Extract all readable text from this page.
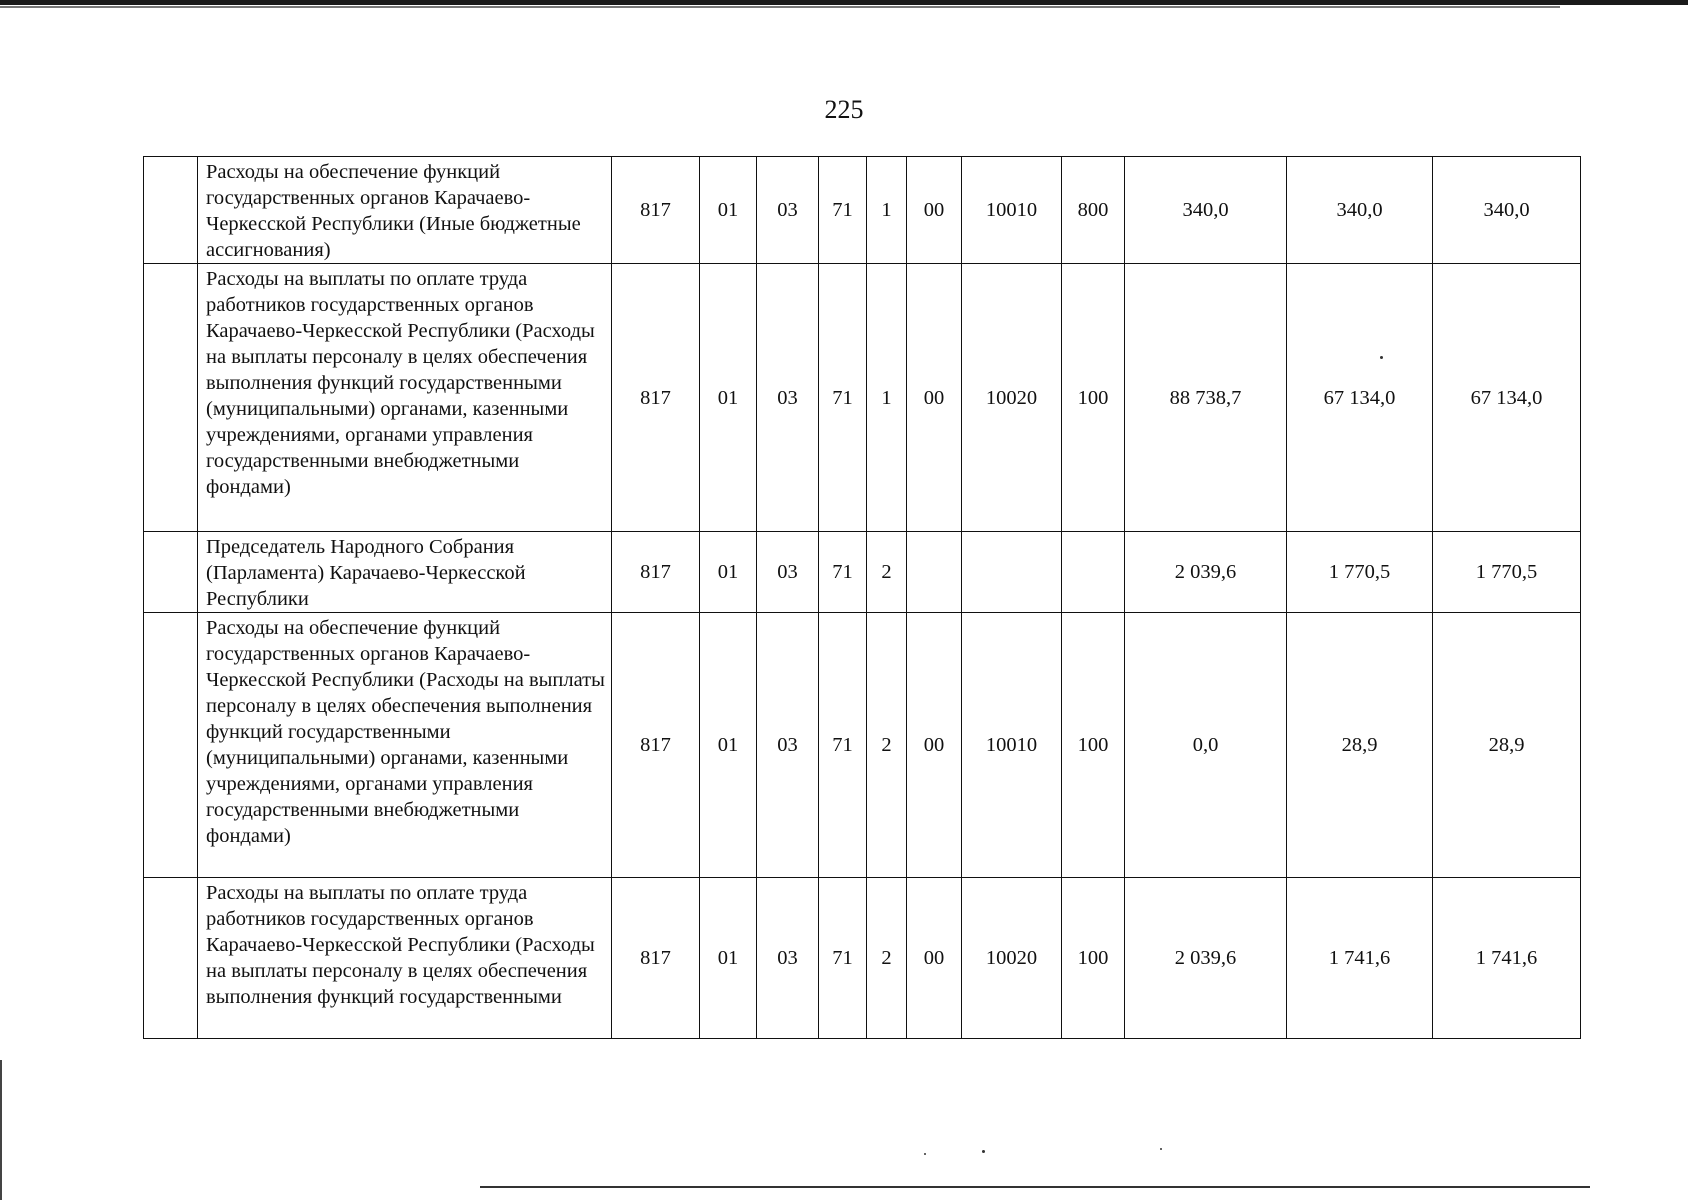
225
	Расходы на обеспечение функций государственных органов Карачаево-Черкесской Республики (Иные бюджетные ассигнования)	817	01	03	71	1	00	10010	800	340,0	340,0	340,0
	Расходы на выплаты по оплате труда работников государственных органов Карачаево-Черкесской Республики (Расходы на выплаты персоналу в целях обеспечения выполнения функций государственными (муниципальными) органами, казенными учреждениями, органами управления государственными внебюджетными фондами)	817	01	03	71	1	00	10020	100	88 738,7	67 134,0	67 134,0
	Председатель Народного Собрания (Парламента) Карачаево-Черкесской Республики	817	01	03	71	2				2 039,6	1 770,5	1 770,5
	Расходы на обеспечение функций государственных органов Карачаево-Черкесской Республики (Расходы на выплаты персоналу в целях обеспечения выполнения функций государственными (муниципальными) органами, казенными учреждениями, органами управления государственными внебюджетными фондами)	817	01	03	71	2	00	10010	100	0,0	28,9	28,9
	Расходы на выплаты по оплате труда работников государственных органов Карачаево-Черкесской Республики (Расходы на выплаты персоналу в целях обеспечения выполнения функций государственными	817	01	03	71	2	00	10020	100	2 039,6	1 741,6	1 741,6
